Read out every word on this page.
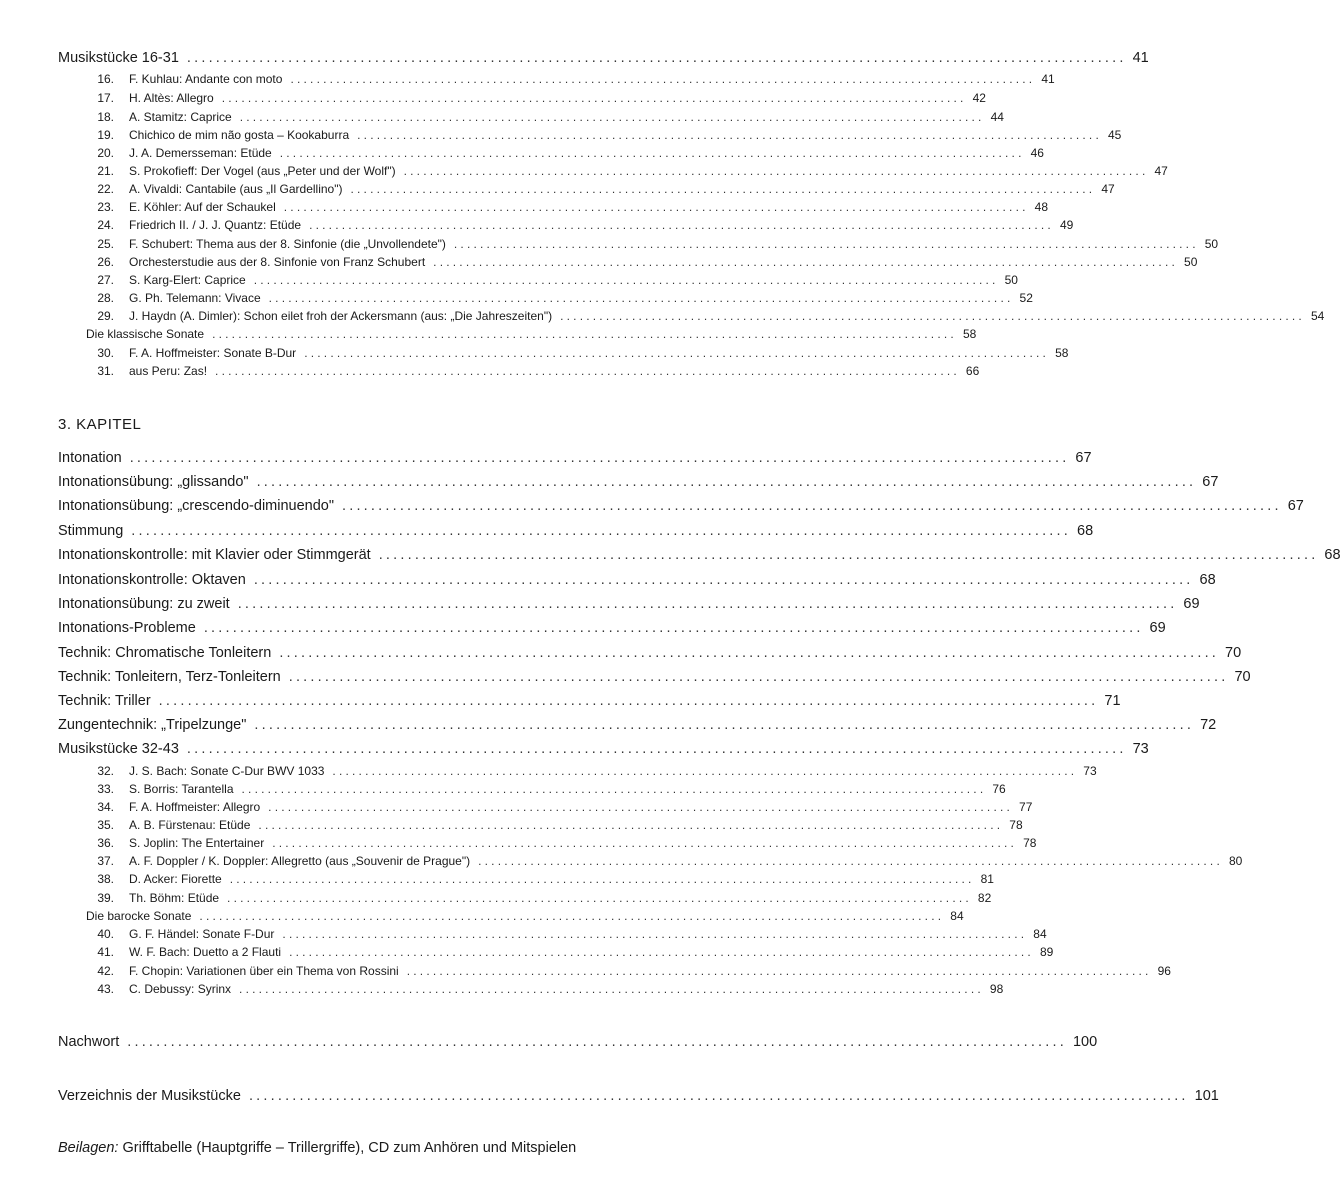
Musikstücke 16-31 .................................................................................................................................. 41
16. F. Kuhlau: Andante con moto .................................................................................................................. 41
17. H. Altès: Allegro .................................................................................................................. 42
18. A. Stamitz: Caprice .................................................................................................................. 44
19. Chichico de mim não gosta – Kookaburra .................................................................................................................. 45
20. J. A. Demersseman: Etüde .................................................................................................................. 46
21. S. Prokofieff: Der Vogel (aus „Peter und der Wolf") .................................................................................................................. 47
22. A. Vivaldi: Cantabile (aus „Il Gardellino") .................................................................................................................. 47
23. E. Köhler: Auf der Schaukel .................................................................................................................. 48
24. Friedrich II. / J. J. Quantz: Etüde .................................................................................................................. 49
25. F. Schubert: Thema aus der 8. Sinfonie (die „Unvollendete") .................................................................................................................. 50
26. Orchesterstudie aus der 8. Sinfonie von Franz Schubert .................................................................................................................. 50
27. S. Karg-Elert: Caprice .................................................................................................................. 50
28. G. Ph. Telemann: Vivace .................................................................................................................. 52
29. J. Haydn (A. Dimler): Schon eilet froh der Ackersmann (aus: „Die Jahreszeiten") .................................................................................................................. 54
Die klassische Sonate .................................................................................................................. 58
30. F. A. Hoffmeister: Sonate B-Dur .................................................................................................................. 58
31. aus Peru: Zas! .................................................................................................................. 66
3. KAPITEL
Intonation .................................................................................................................................. 67
Intonationsübung: „glissando" .................................................................................................................................. 67
Intonationsübung: „crescendo-diminuendo" .................................................................................................................................. 67
Stimmung .................................................................................................................................. 68
Intonationskontrolle: mit Klavier oder Stimmgerät .................................................................................................................................. 68
Intonationskontrolle: Oktaven .................................................................................................................................. 68
Intonationsübung: zu zweit .................................................................................................................................. 69
Intonations-Probleme .................................................................................................................................. 69
Technik: Chromatische Tonleitern .................................................................................................................................. 70
Technik: Tonleitern, Terz-Tonleitern .................................................................................................................................. 70
Technik: Triller .................................................................................................................................. 71
Zungentechnik: „Tripelzunge" .................................................................................................................................. 72
Musikstücke 32-43 .................................................................................................................................. 73
32. J. S. Bach: Sonate C-Dur BWV 1033 .................................................................................................................. 73
33. S. Borris: Tarantella .................................................................................................................. 76
34. F. A. Hoffmeister: Allegro .................................................................................................................. 77
35. A. B. Fürstenau: Etüde .................................................................................................................. 78
36. S. Joplin: The Entertainer .................................................................................................................. 78
37. A. F. Doppler / K. Doppler: Allegretto (aus „Souvenir de Prague") .................................................................................................................. 80
38. D. Acker: Fiorette .................................................................................................................. 81
39. Th. Böhm: Etüde .................................................................................................................. 82
Die barocke Sonate .................................................................................................................. 84
40. G. F. Händel: Sonate F-Dur .................................................................................................................. 84
41. W. F. Bach: Duetto a 2 Flauti .................................................................................................................. 89
42. F. Chopin: Variationen über ein Thema von Rossini .................................................................................................................. 96
43. C. Debussy: Syrinx .................................................................................................................. 98
Nachwort .................................................................................................................................. 100
Verzeichnis der Musikstücke .................................................................................................................................. 101
Beilagen: Grifftabelle (Hauptgriffe – Trillergriffe), CD zum Anhören und Mitspielen
